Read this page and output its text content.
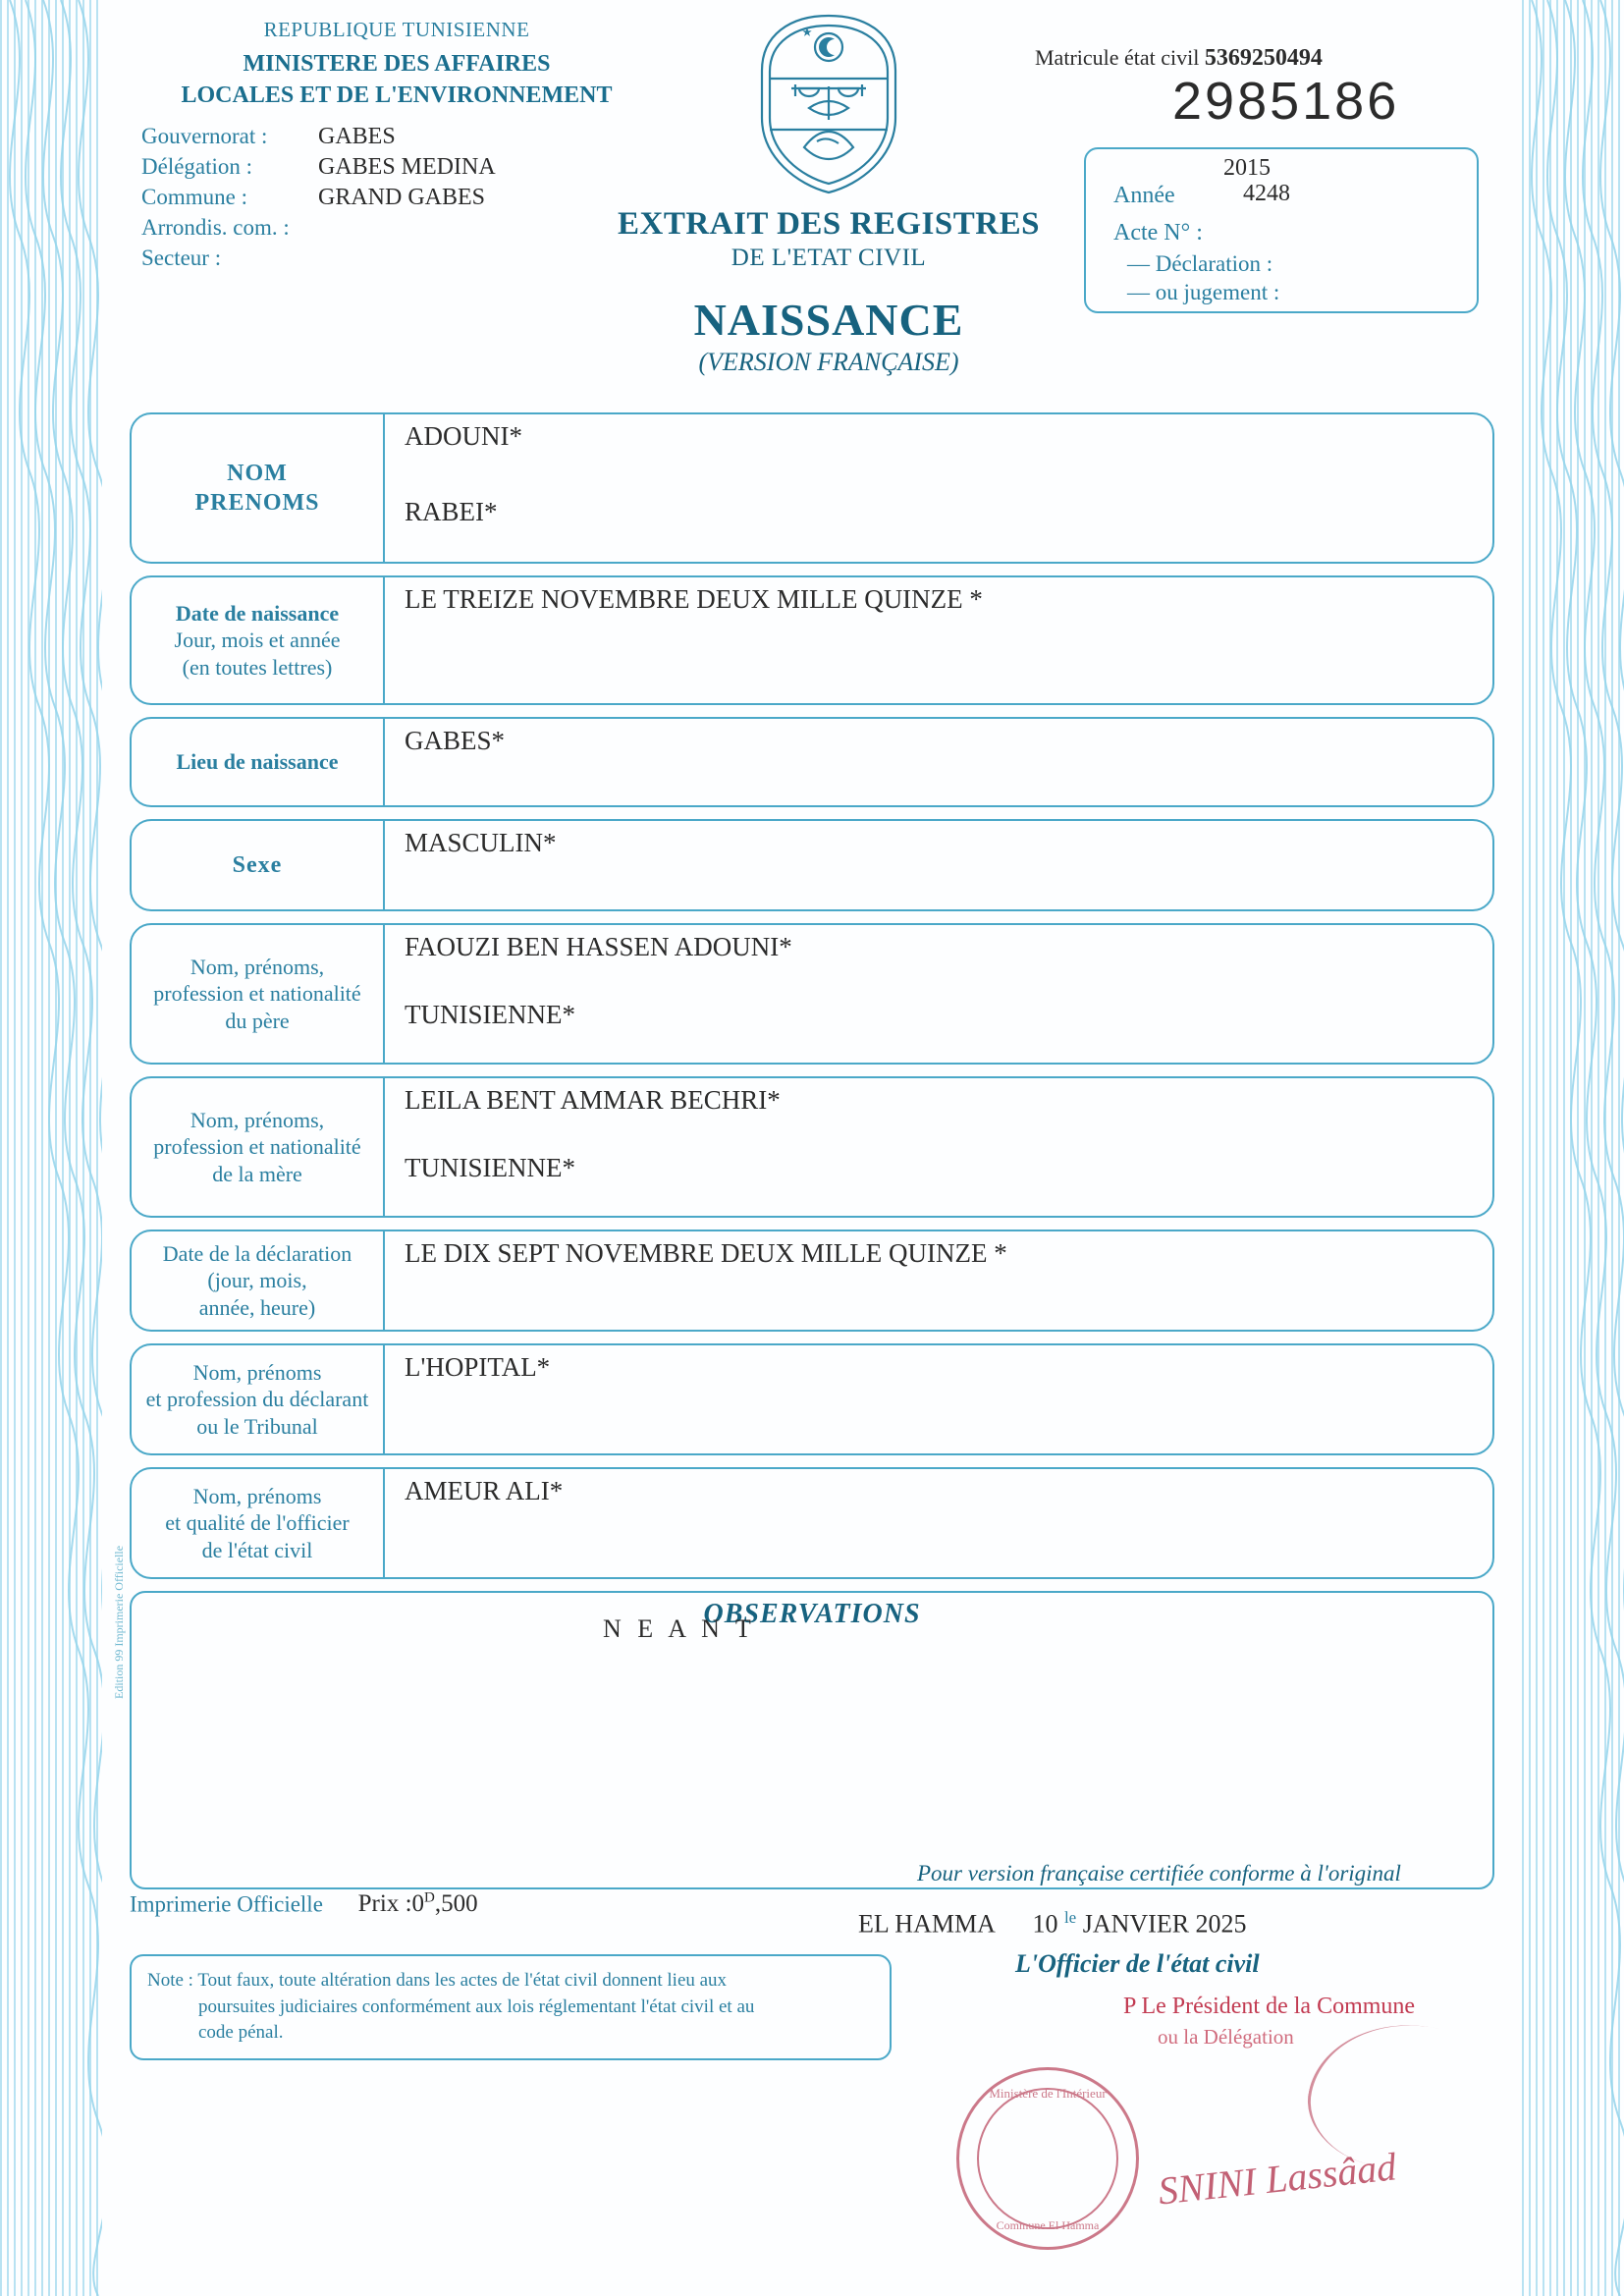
REPUBLIQUE TUNISIENNE
MINISTERE DES AFFAIRES
LOCALES ET DE L'ENVIRONNEMENT
Gouvernorat : GABES
Délégation :	GABES MEDINA
Commune :	GRAND GABES
Arrondis. com. :
Secteur :
EXTRAIT DES REGISTRES
DE L'ETAT CIVIL
NAISSANCE
(VERSION FRANÇAISE)
Matricule état civil 5369250494
2985186
Année
2015
Acte N° :
4248
— Déclaration :
— ou jugement :
NOM
PRENOMS
ADOUNI*
RABEI*
Date de naissance
Jour, mois et année
(en toutes lettres)
LE TREIZE NOVEMBRE DEUX MILLE QUINZE *
Lieu de naissance
GABES*
Sexe
MASCULIN*
Nom, prénoms,
profession et nationalité
du père
FAOUZI BEN HASSEN ADOUNI*
TUNISIENNE*
Nom, prénoms,
profession et nationalité
de la mère
LEILA BENT AMMAR BECHRI*
TUNISIENNE*
Date de la déclaration
(jour, mois,
année, heure)
LE DIX SEPT NOVEMBRE DEUX MILLE QUINZE *
Nom, prénoms
et profession du déclarant
ou le Tribunal
L'HOPITAL*
Nom, prénoms
et qualité de l'officier
de l'état civil
AMEUR ALI*
OBSERVATIONS
N E A N T
Imprimerie Officielle Prix $:0^D,500$
Note : Tout faux, toute altération dans les actes de l'état civil donnent lieu aux
poursuites judiciaires conformément aux lois réglementant l'état civil et au
code pénal.
Pour version française certifiée conforme à l'original
EL HAMMA 10 $^{le}$ JANVIER 2025
L'Officier de l'état civil
P Le Président de la Commune
ou la Délégation
Ministère de l'Intérieur
Commune El Hamma
SNINI Lassâad
Edition 99 Imprimerie Officielle
